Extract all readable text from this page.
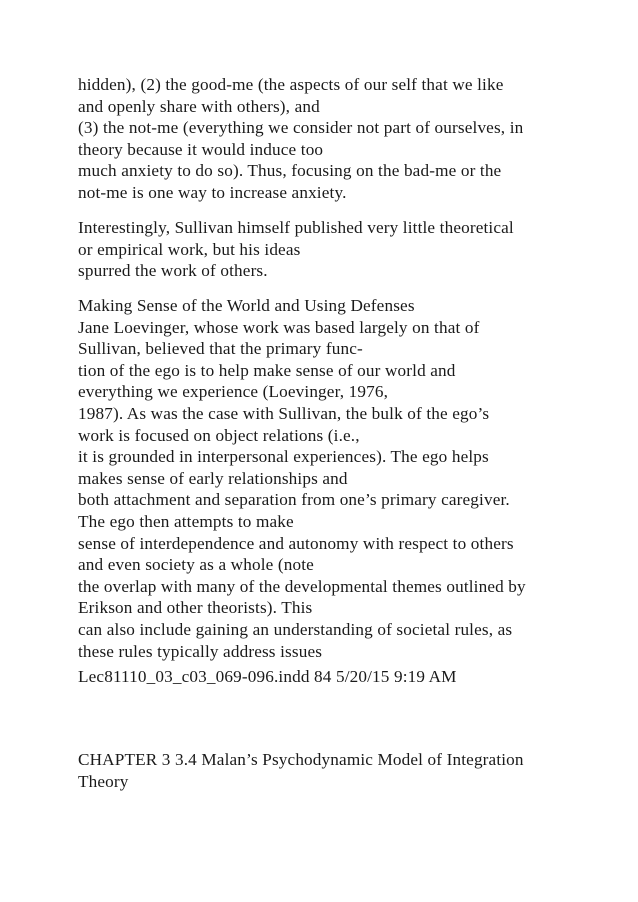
hidden), (2) the good-me (the aspects of our self that we like
and openly share with others), and
(3) the not-me (everything we consider not part of ourselves, in
theory because it would induce too
much anxiety to do so). Thus, focusing on the bad-me or the
not-me is one way to increase anxiety.
Interestingly, Sullivan himself published very little theoretical
or empirical work, but his ideas
spurred the work of others.
Making Sense of the World and Using Defenses
Jane Loevinger, whose work was based largely on that of
Sullivan, believed that the primary func-
tion of the ego is to help make sense of our world and
everything we experience (Loevinger, 1976,
1987). As was the case with Sullivan, the bulk of the ego’s
work is focused on object relations (i.e.,
it is grounded in interpersonal experiences). The ego helps
makes sense of early relationships and
both attachment and separation from one’s primary caregiver.
The ego then attempts to make
sense of interdependence and autonomy with respect to others
and even society as a whole (note
the overlap with many of the developmental themes outlined by
Erikson and other theorists). This
can also include gaining an understanding of societal rules, as
these rules typically address issues
Lec81110_03_c03_069-096.indd 84 5/20/15 9:19 AM
CHAPTER 3 3.4 Malan’s Psychodynamic Model of Integration
Theory
